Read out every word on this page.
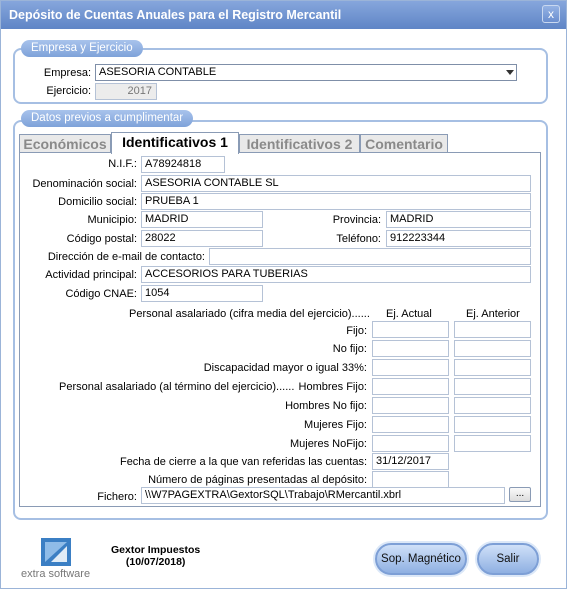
Depósito de Cuentas Anuales para el Registro Mercantil	x
Empresa y Ejercicio
Empresa: ASESORIA CONTABLE
Ejercicio:	2017
Datos previos a cumplimentar
Económicos	Identificativos 1	Identificativos 2 Comentario
N.I.F.: A78924818
Denominación social: ASESORIA CONTABLE SL
Domicilio social: PRUEBA 1
Municipio: MADRID	Provincia: MADRID
Código postal: 28022	Teléfono: 912223344
Dirección de e-mail de contacto:
Actividad principal: ACCESORIOS PARA TUBERIAS
Código CNAE: 1054
Personal asalariado (cifra media del ejercicio)...... Ej. Actual	Ej. Anterior
Fijo:
No fijo:
Discapacidad mayor o igual 33%:
Personal asalariado (al término del ejercicio)...... Hombres Fijo:
Hombres No fijo:
Mujeres Fijo:
Mujeres NoFijo:
Fecha de cierre a la que van referidas las cuentas: 31/12/2017
Número de páginas presentadas al depósito:
Fichero: \\W7PAGEXTRA\GextorSQL\Trabajo\RMercantil.xbrl	...
extra software
Gextor Impuestos
(10/07/2018)	Sop. Magnético	Salir
